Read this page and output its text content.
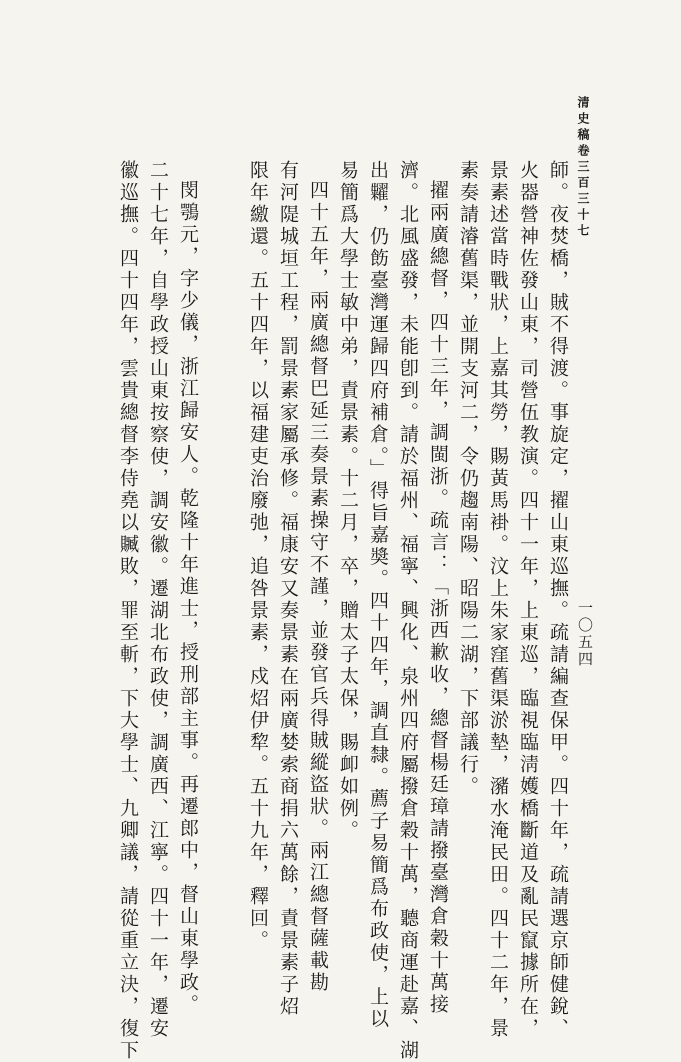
清史稿卷三百三十七
一〇五四
師。夜焚橋，賊不得渡。事旋定，擢山東巡撫。疏請編查保甲。四十年，疏請選京師健銳、
火器營神佐發山東，司營伍教演。四十一年，上東巡，臨視臨淸嬳橋斷道及亂民竄據所在，
景素述當時戰狀，上嘉其勞，賜黃馬褂。汶上朱家窪舊渠淤墊，瀦水淹民田。四十二年，景
素奏請濬舊渠，並開支河二，令仍趨南陽、昭陽二湖，下部議行。
擢兩廣總督，四十三年，調閩浙。疏言：「浙西歉收，總督楊廷璋請撥臺灣倉穀十萬接
濟。北風盛發，未能卽到。請於福州、福寧、興化、泉州四府屬撥倉穀十萬，聽商運赴嘉、湖
出糶，仍飭臺灣運歸四府補倉。」得旨嘉奬。四十四年，調直隸。薦子易簡爲布政使，上以
易簡爲大學士敏中弟，責景素。十二月，卒，贈太子太保，賜卹如例。
四十五年，兩廣總督巴延三奏景素操守不謹，並發官兵得賊縱盜狀。兩江總督薩載勘
有河隄城垣工程，罰景素家屬承修。福康安又奏景素在兩廣婪索商捐六萬餘，責景素子炤
限年繳還。五十四年，以福建吏治廢弛，追咎景素，戍炤伊犂。五十九年，釋回。
閔鶚元，字少儀，浙江歸安人。乾隆十年進士，授刑部主事。再遷郎中，督山東學政。
二十七年，自學政授山東按察使，調安徽。遷湖北布政使，調廣西、江寧。四十一年，遷安
徽巡撫。四十四年，雲貴總督李侍堯以贓敗，罪至斬，下大學士、九卿議，請從重立決，復下
